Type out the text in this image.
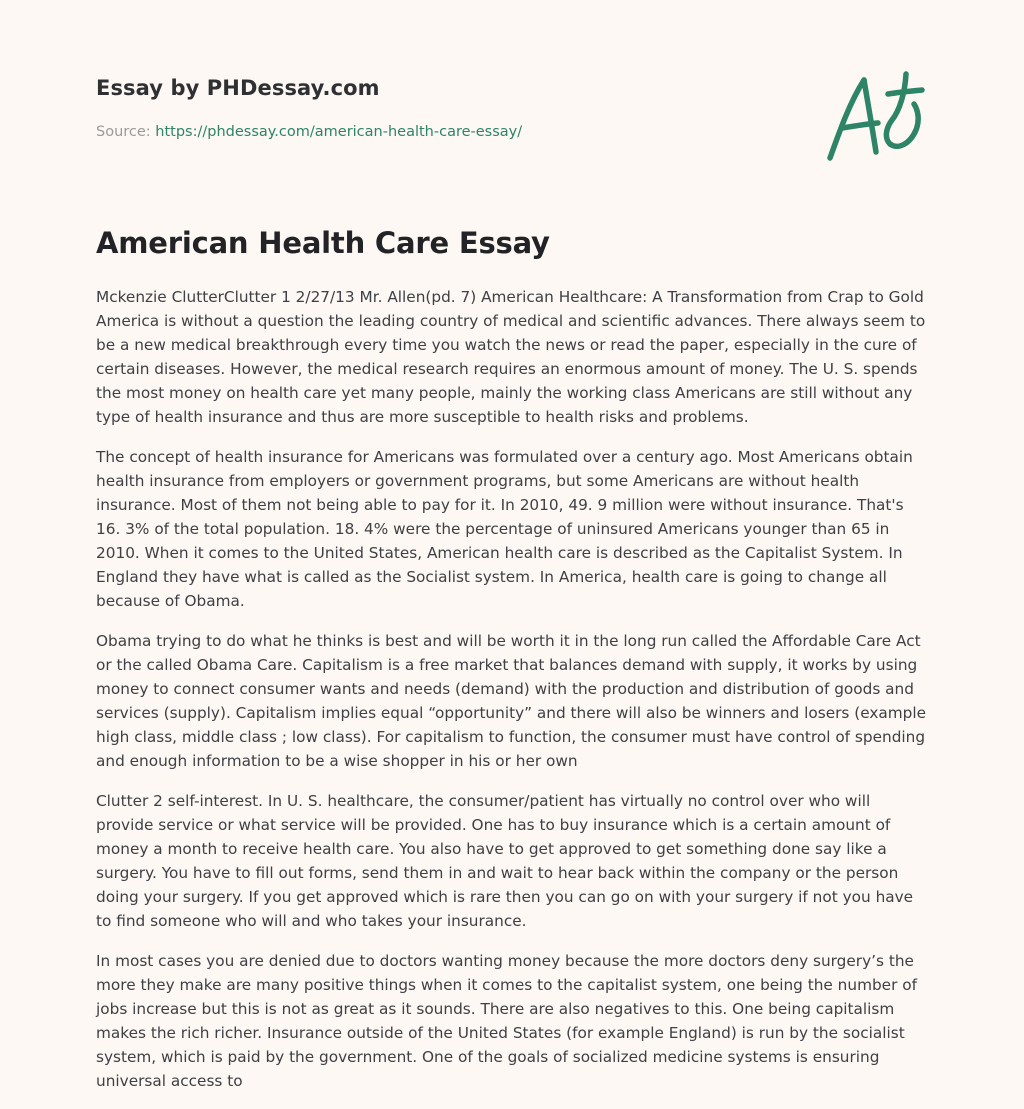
Essay by PHDessay.com
Source: https://phdessay.com/american-health-care-essay/
American Health Care Essay

Mckenzie ClutterClutter 1 2/27/13 Mr. Allen(pd. 7) American Healthcare: A Transformation from Crap to Gold America is without a question the leading country of medical and scientific advances. There always seem to be a new medical breakthrough every time you watch the news or read the paper, especially in the cure of certain diseases. However, the medical research requires an enormous amount of money. The U. S. spends the most money on health care yet many people, mainly the working class Americans are still without any type of health insurance and thus are more susceptible to health risks and problems.

The concept of health insurance for Americans was formulated over a century ago. Most Americans obtain health insurance from employers or government programs, but some Americans are without health insurance. Most of them not being able to pay for it. In 2010, 49. 9 million were without insurance. That's 16. 3% of the total population. 18. 4% were the percentage of uninsured Americans younger than 65 in 2010. When it comes to the United States, American health care is described as the Capitalist System. In England they have what is called as the Socialist system. In America, health care is going to change all because of Obama.

Obama trying to do what he thinks is best and will be worth it in the long run called the Affordable Care Act or the called Obama Care. Capitalism is a free market that balances demand with supply, it works by using money to connect consumer wants and needs (demand) with the production and distribution of goods and services (supply). Capitalism implies equal “opportunity” and there will also be winners and losers (example high class, middle class ; low class). For capitalism to function, the consumer must have control of spending and enough information to be a wise shopper in his or her own

Clutter 2 self-interest. In U. S. healthcare, the consumer/patient has virtually no control over who will provide service or what service will be provided. One has to buy insurance which is a certain amount of money a month to receive health care. You also have to get approved to get something done say like a surgery. You have to fill out forms, send them in and wait to hear back within the company or the person doing your surgery. If you get approved which is rare then you can go on with your surgery if not you have to find someone who will and who takes your insurance.

In most cases you are denied due to doctors wanting money because the more doctors deny surgery’s the more they make are many positive things when it comes to the capitalist system, one being the number of jobs increase but this is not as great as it sounds. There are also negatives to this. One being capitalism makes the rich richer. Insurance outside of the United States (for example England) is run by the socialist system, which is paid by the government. One of the goals of socialized medicine systems is ensuring universal access to
